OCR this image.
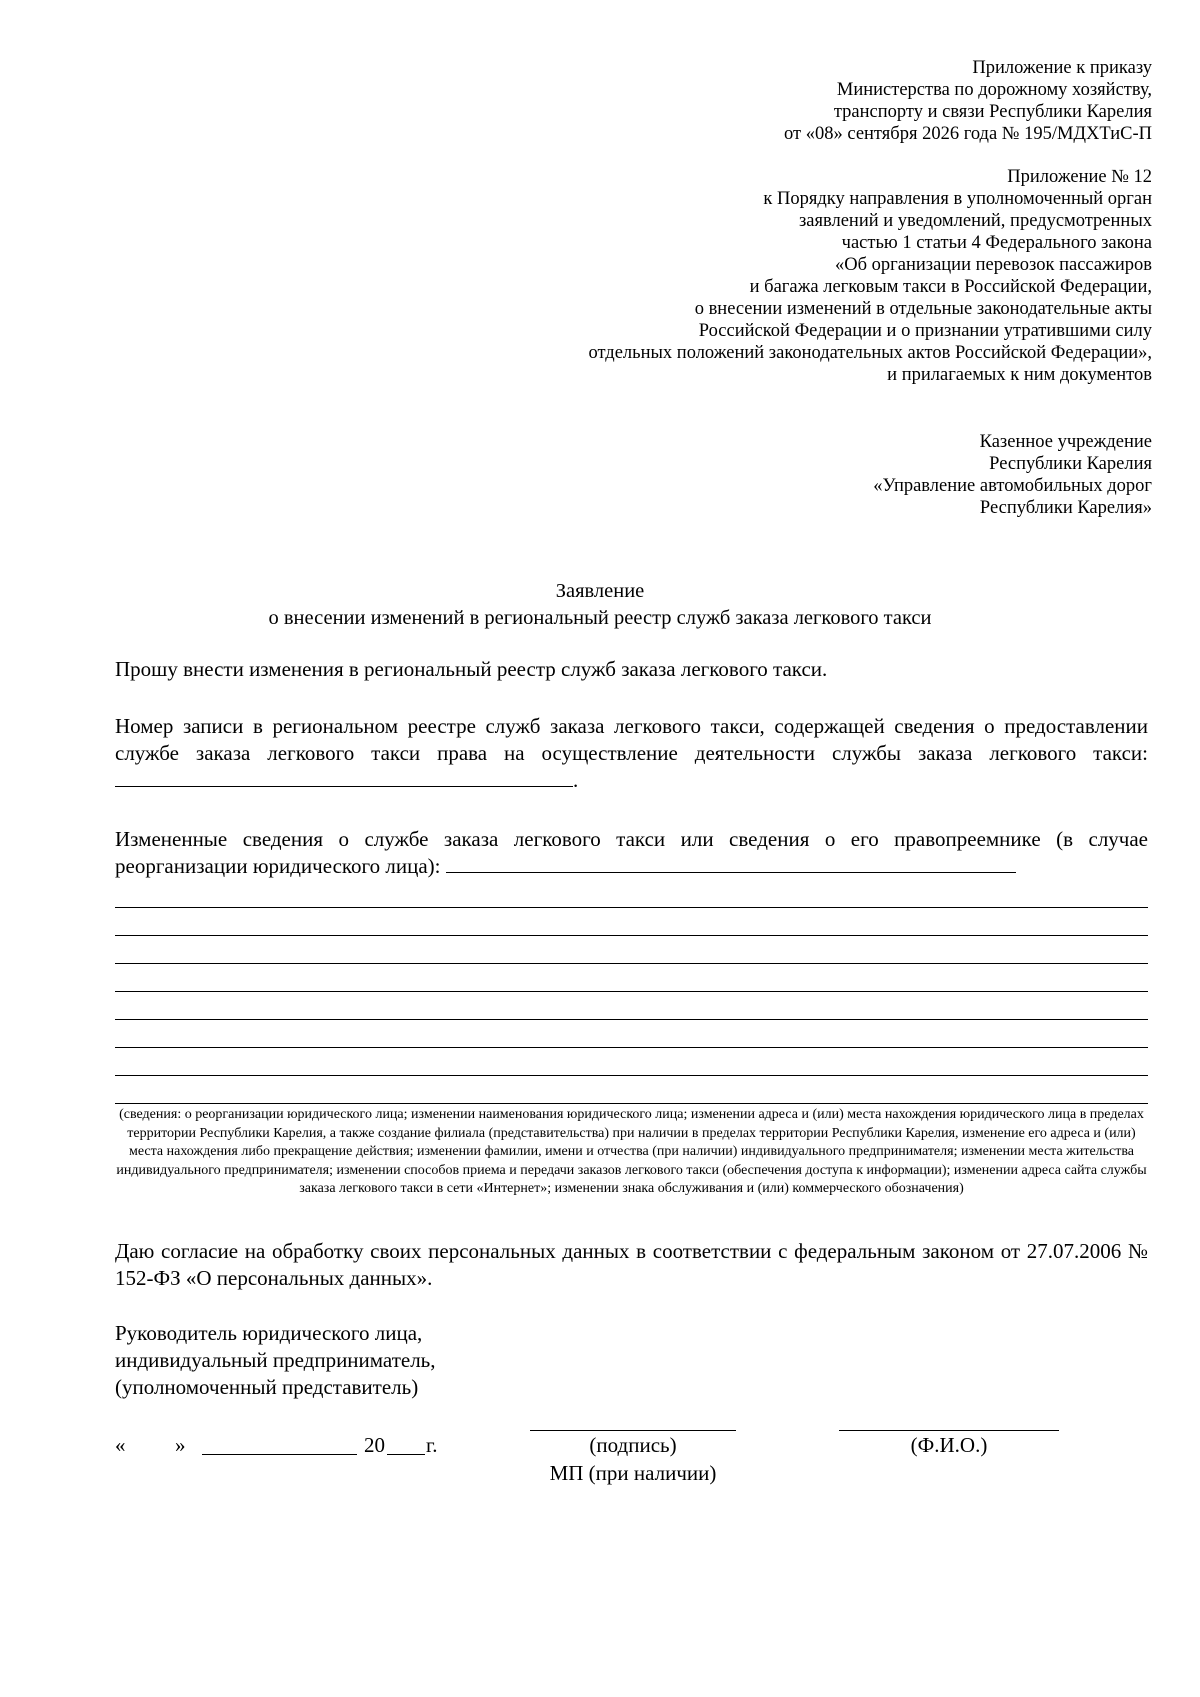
Приложение к приказу
Министерства по дорожному хозяйству,
транспорту и связи Республики Карелия
от «08» сентября 2026 года № 195/МДХТиС-П
Приложение № 12
к Порядку направления в уполномоченный орган
заявлений и уведомлений, предусмотренных
частью 1 статьи 4 Федерального закона
«Об организации перевозок пассажиров
и багажа легковым такси в Российской Федерации,
о внесении изменений в отдельные законодательные акты
Российской Федерации и о признании утратившими силу
отдельных положений законодательных актов Российской Федерации»,
и прилагаемых к ним документов
Казенное учреждение
Республики Карелия
«Управление автомобильных дорог
Республики Карелия»
Заявление
о внесении изменений в региональный реестр служб заказа легкового такси
Прошу внести изменения в региональный реестр служб заказа легкового такси.
Номер записи в региональном реестре служб заказа легкового такси, содержащей сведения о предоставлении службе заказа легкового такси права на осуществление деятельности службы заказа легкового такси: .
Измененные сведения о службе заказа легкового такси или сведения о его правопреемнике (в случае реорганизации юридического лица):
(сведения: о реорганизации юридического лица; изменении наименования юридического лица; изменении адреса и (или) места нахождения юридического лица в пределах территории Республики Карелия, а также создание филиала (представительства) при наличии в пределах территории Республики Карелия, изменение его адреса и (или) места нахождения либо прекращение действия; изменении фамилии, имени и отчества (при наличии) индивидуального предпринимателя; изменении места жительства индивидуального предпринимателя; изменении способов приема и передачи заказов легкового такси (обеспечения доступа к информации); изменении адреса сайта службы заказа легкового такси в сети «Интернет»; изменении знака обслуживания и (или) коммерческого обозначения)
Даю согласие на обработку своих персональных данных в соответствии с федеральным законом от 27.07.2006 № 152-ФЗ «О персональных данных».
Руководитель юридического лица,
индивидуальный предприниматель,
(уполномоченный представитель)
« »	20 г.	(подпись)	(Ф.И.О.)
МП (при наличии)
